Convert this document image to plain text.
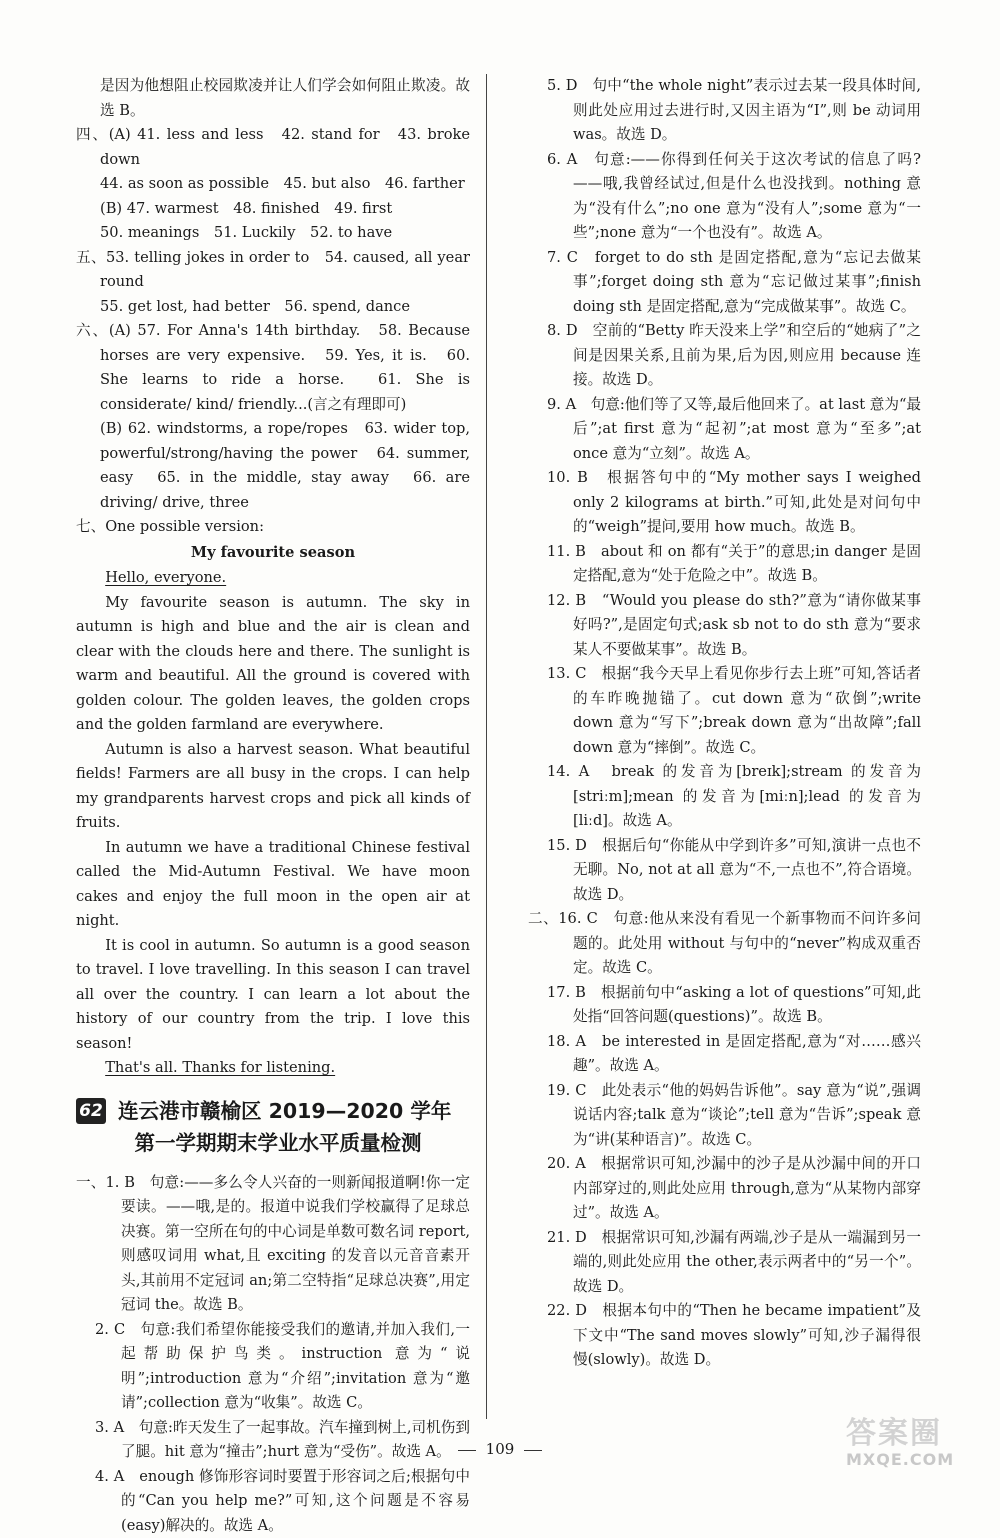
是因为他想阻止校园欺凌并让人们学会如何阻止欺凌。故选 B。

四、(A) 41. less and less　42. stand for　43. broke down

44. as soon as possible　45. but also　46. farther

(B) 47. warmest　48. finished　49. first

50. meanings　51. Luckily　52. to have

五、53. telling jokes in order to　54. caused, all year round

55. get lost, had better　56. spend, dance

六、(A) 57. For Anna's 14th birthday.　58. Because horses are very expensive.　59. Yes, it is.　60. She learns to ride a horse.　61. She is considerate/ kind/ friendly...(言之有理即可)

(B) 62. windstorms, a rope/ropes　63. wider top, powerful/strong/having the power　64. summer, easy　65. in the middle, stay away　66. are driving/ drive, three

七、One possible version:

My favourite season

Hello, everyone.

My favourite season is autumn. The sky in autumn is high and blue and the air is clean and clear with the clouds here and there. The sunlight is warm and beautiful. All the ground is covered with golden colour. The golden leaves, the golden crops and the golden farmland are everywhere.

Autumn is also a harvest season. What beautiful fields! Farmers are all busy in the crops. I can help my grandparents harvest crops and pick all kinds of fruits.

In autumn we have a traditional Chinese festival called the Mid-Autumn Festival. We have moon cakes and enjoy the full moon in the open air at night.

It is cool in autumn. So autumn is a good season to travel. I love travelling. In this season I can travel all over the country. I can learn a lot about the history of our country from the trip. I love this season!

That's all. Thanks for listening.

62 连云港市赣榆区 2019—2020 学年
第一学期期末学业水平质量检测

一、1. B　句意:——多么令人兴奋的一则新闻报道啊!你一定要读。——哦,是的。报道中说我们学校赢得了足球总决赛。第一空所在句的中心词是单数可数名词 report,则感叹词用 what,且 exciting 的发音以元音音素开头,其前用不定冠词 an;第二空特指“足球总决赛”,用定冠词 the。故选 B。

2. C　句意:我们希望你能接受我们的邀请,并加入我们,一起帮助保护鸟类。instruction 意为“说明”;introduction 意为“介绍”;invitation 意为“邀请”;collection 意为“收集”。故选 C。

3. A　句意:昨天发生了一起事故。汽车撞到树上,司机伤到了腿。hit 意为“撞击”;hurt 意为“受伤”。故选 A。

4. A　enough 修饰形容词时要置于形容词之后;根据句中的“Can you help me?”可知,这个问题是不容易(easy)解决的。故选 A。

5. D　句中“the whole night”表示过去某一段具体时间,则此处应用过去进行时,又因主语为“I”,则 be 动词用 was。故选 D。

6. A　句意:——你得到任何关于这次考试的信息了吗?——哦,我曾经试过,但是什么也没找到。nothing 意为“没有什么”;no one 意为“没有人”;some 意为“一些”;none 意为“一个也没有”。故选 A。

7. C　forget to do sth 是固定搭配,意为“忘记去做某事”;forget doing sth 意为“忘记做过某事”;finish doing sth 是固定搭配,意为“完成做某事”。故选 C。

8. D　空前的“Betty 昨天没来上学”和空后的“她病了”之间是因果关系,且前为果,后为因,则应用 because 连接。故选 D。

9. A　句意:他们等了又等,最后他回来了。at last 意为“最后”;at first 意为“起初”;at most 意为“至多”;at once 意为“立刻”。故选 A。

10. B　根据答句中的“My mother says I weighed only 2 kilograms at birth.”可知,此处是对问句中的“weigh”提问,要用 how much。故选 B。

11. B　about 和 on 都有“关于”的意思;in danger 是固定搭配,意为“处于危险之中”。故选 B。

12. B　“Would you please do sth?”意为“请你做某事好吗?”,是固定句式;ask sb not to do sth 意为“要求某人不要做某事”。故选 B。

13. C　根据“我今天早上看见你步行去上班”可知,答话者的车昨晚抛锚了。cut down 意为“砍倒”;write down 意为“写下”;break down 意为“出故障”;fall down 意为“摔倒”。故选 C。

14. A　break 的发音为[breɪk];stream 的发音为[striːm];mean 的发音为[miːn];lead 的发音为[liːd]。故选 A。

15. D　根据后句“你能从中学到许多”可知,演讲一点也不无聊。No, not at all 意为“不,一点也不”,符合语境。故选 D。

二、16. C　句意:他从来没有看见一个新事物而不问许多问题的。此处用 without 与句中的“never”构成双重否定。故选 C。

17. B　根据前句中“asking a lot of questions”可知,此处指“回答问题(questions)”。故选 B。

18. A　be interested in 是固定搭配,意为“对……感兴趣”。故选 A。

19. C　此处表示“他的妈妈告诉他”。say 意为“说”,强调说话内容;talk 意为“谈论”;tell 意为“告诉”;speak 意为“讲(某种语言)”。故选 C。

20. A　根据常识可知,沙漏中的沙子是从沙漏中间的开口内部穿过的,则此处应用 through,意为“从某物内部穿过”。故选 A。

21. D　根据常识可知,沙漏有两端,沙子是从一端漏到另一端的,则此处应用 the other,表示两者中的“另一个”。故选 D。

22. D　根据本句中的“Then he became impatient”及下文中“The sand moves slowly”可知,沙子漏得很慢(slowly)。故选 D。

109	答案圈
MXQE.COM
